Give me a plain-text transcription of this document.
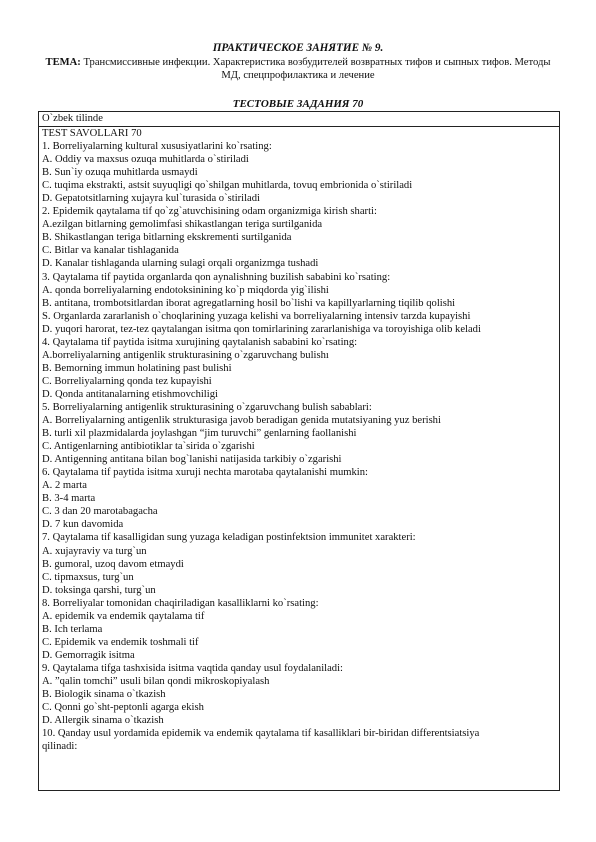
ПРАКТИЧЕСКОЕ ЗАНЯТИЕ № 9.
ТЕМА: Трансмиссивные инфекции. Характеристика возбудителей возвратных тифов и сыпных тифов. Методы МД, спецпрофилактика и лечение
ТЕСТОВЫЕ ЗАДАНИЯ 70
O`zbek tilinde
TEST SAVOLLARI 70
1. Borreliyalarning kultural xususiyatlarini ko`rsating:
A. Oddiy va maxsus ozuqa muhitlarda o`stiriladi
B. Sun`iy ozuqa muhitlarda usmaydi
C. tuqima ekstrakti, astsit suyuqligi qo`shilgan muhitlarda, tovuq embrionida o`stiriladi
D. Gepatotsitlarning xujayra kul`turasida o`stiriladi
2. Epidemik qaytalama tif qo`zg`atuvchisining odam organizmiga kirish sharti:
A.ezilgan bitlarning gemolimfasi shikastlangan teriga surtilganida
B. Shikastlangan teriga bitlarning ekskrementi surtilganida
C. Bitlar va kanalar tishlaganida
D. Kanalar tishlaganda ularning sulagi orqali organizmga tushadi
3. Qaytalama tif paytida organlarda qon aynalishning buzilish sababini ko`rsating:
A. qonda borreliyalarning endotoksinining ko`p miqdorda yig`ilishi
B. antitana, trombotsitlardan iborat agregatlarning hosil bo`lishi va kapillyarlarning tiqilib qolishi
S. Organlarda zararlanish o`choqlarining yuzaga kelishi va borreliyalarning intensiv tarzda kupayishi
D. yuqori harorat, tez-tez qaytalangan isitma qon tomirlarining zararlanishiga va toroyishiga olib keladi
4. Qaytalama tif paytida isitma xurujining qaytalanish sababini ko`rsating:
A.borreliyalarning antigenlik strukturasining o`zgaruvchang bulishı
B. Bemorning immun holatining past bulishi
C. Borreliyalarning qonda tez kupayishi
D. Qonda antitanalarning etishmovchiligi
5. Borreliyalarning antigenlik strukturasining o`zgaruvchang bulish sabablari:
A. Borreliyalarning antigenlik strukturasiga javob beradigan genida mutatsiyaning yuz berishi
B. turli xil plazmidalarda joylashgan “jim turuvchi” genlarning faollanishi
C. Antigenlarning antibiotiklar ta`sirida o`zgarishi
D. Antigenning antitana bilan bog`lanishi natijasida tarkibiy o`zgarishi
6. Qaytalama tif paytida isitma xuruji nechta marotaba qaytalanishi mumkin:
A. 2 marta
B. 3-4 marta
C. 3 dan 20 marotabagacha
D. 7 kun davomida
7. Qaytalama tif kasalligidan sung yuzaga keladigan postinfektsion immunitet xarakteri:
A. xujayraviy va turg`un
B. gumoral, uzoq davom etmaydi
C. tipmaxsus, turg`un
D. toksinga qarshi, turg`un
8. Borreliyalar tomonidan chaqiriladigan kasalliklarni ko`rsating:
A. epidemik va endemik qaytalama tif
B. Ich terlama
C. Epidemik va endemik toshmali tif
D. Gemorragik isitma
9. Qaytalama tifga tashxisida isitma vaqtida qanday usul foydalaniladi:
A. ”qalin tomchi” usuli bilan qondi mikroskopiyalash
B. Biologik sinama o`tkazish
C. Qonni go`sht-peptonli agarga ekish
D. Allergik sinama o`tkazish
10. Qanday usul yordamida epidemik va endemik qaytalama tif kasalliklari bir-biridan differentsiatsiya
qilinadi:
